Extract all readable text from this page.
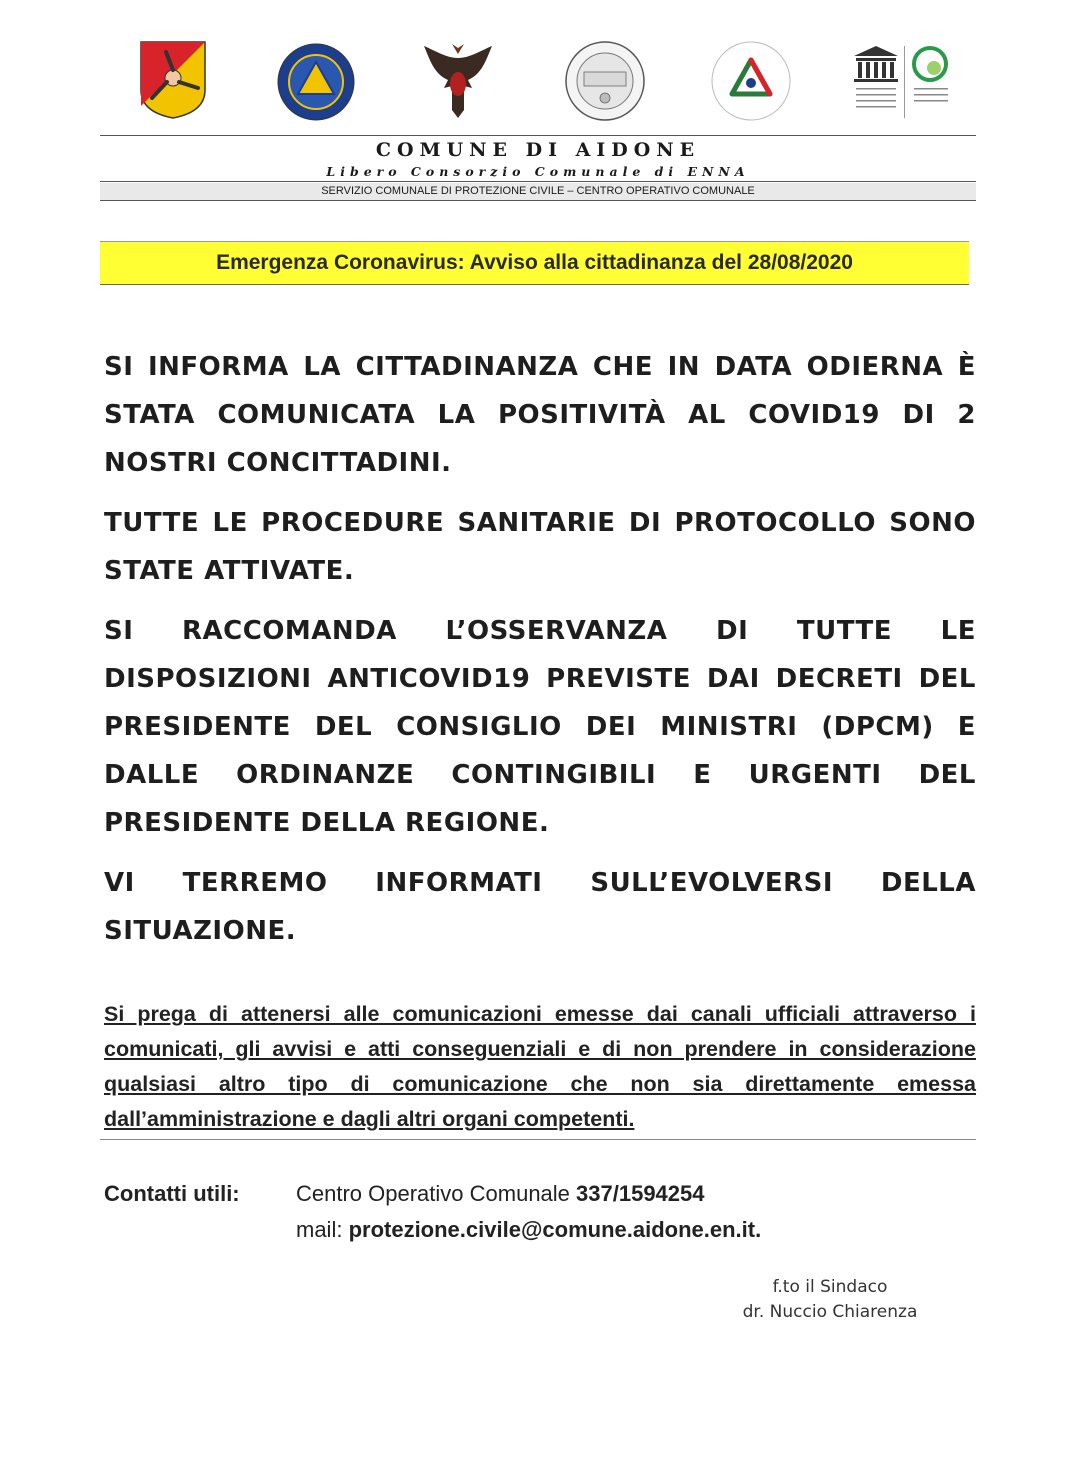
COMUNE DI AIDONE
Libero Consorzio Comunale di ENNA
SERVIZIO COMUNALE DI PROTEZIONE CIVILE – CENTRO OPERATIVO COMUNALE
Emergenza Coronavirus: Avviso alla cittadinanza del 28/08/2020

SI INFORMA LA CITTADINANZA CHE IN DATA ODIERNA È STATA COMUNICATA LA POSITIVITÀ AL COVID19 DI 2 NOSTRI CONCITTADINI.

TUTTE LE PROCEDURE SANITARIE DI PROTOCOLLO SONO STATE ATTIVATE.

SI RACCOMANDA L’OSSERVANZA DI TUTTE LE DISPOSIZIONI ANTICOVID19 PREVISTE DAI DECRETI DEL PRESIDENTE DEL CONSIGLIO DEI MINISTRI (DPCM) E DALLE ORDINANZE CONTINGIBILI E URGENTI DEL PRESIDENTE DELLA REGIONE.

VI TERREMO INFORMATI SULL’EVOLVERSI DELLA SITUAZIONE.

Si prega di attenersi alle comunicazioni emesse dai canali ufficiali attraverso i comunicati, gli avvisi e atti conseguenziali e di non prendere in considerazione qualsiasi altro tipo di comunicazione che non sia direttamente emessa dall’amministrazione e dagli altri organi competenti.
Contatti utili:	Centro Operativo Comunale 337/1594254
mail: protezione.civile@comune.aidone.en.it.
f.to il Sindaco
dr. Nuccio Chiarenza
